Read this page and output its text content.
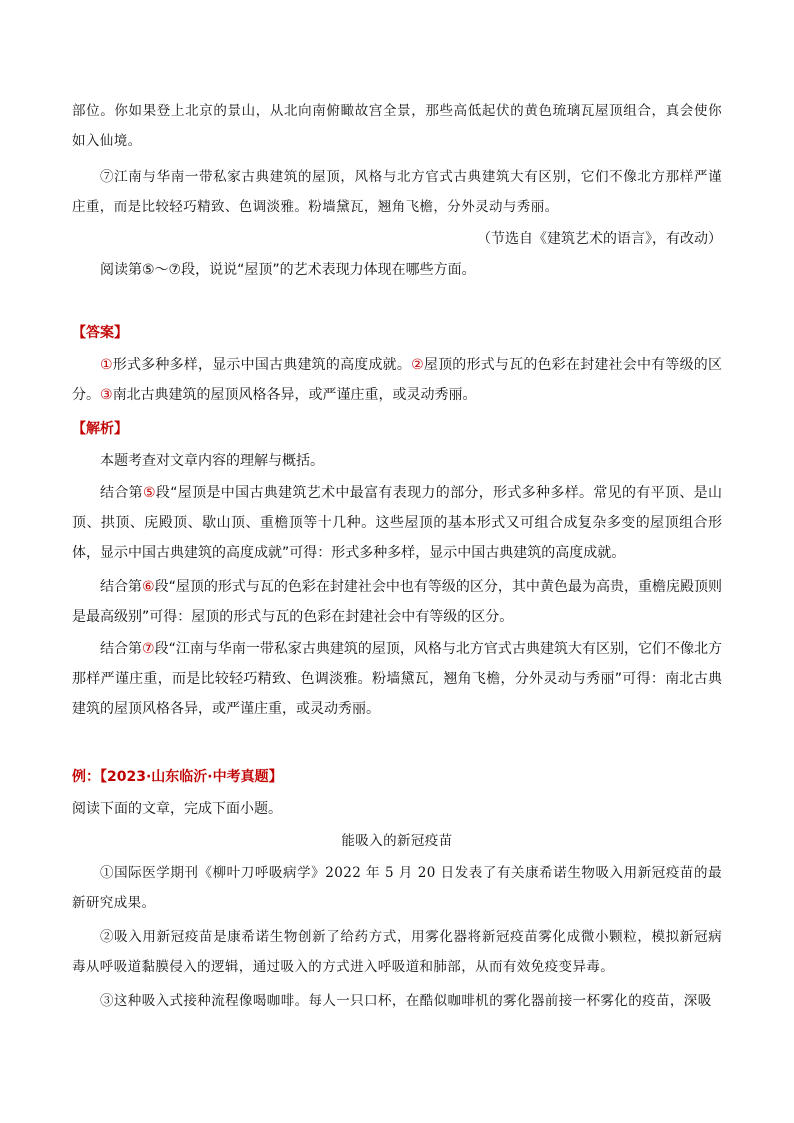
部位。你如果登上北京的景山，从北向南俯瞰故宫全景，那些高低起伏的黄色琉璃瓦屋顶组合，真会使你如入仙境。

⑦江南与华南一带私家古典建筑的屋顶，风格与北方官式古典建筑大有区别，它们不像北方那样严谨庄重，而是比较轻巧精致、色调淡雅。粉墙黛瓦，翘角飞檐，分外灵动与秀丽。

（节选自《建筑艺术的语言》，有改动）

阅读第⑤～⑦段，说说“屋顶”的艺术表现力体现在哪些方面。

【答案】

①形式多种多样，显示中国古典建筑的高度成就。②屋顶的形式与瓦的色彩在封建社会中有等级的区分。③南北古典建筑的屋顶风格各异，或严谨庄重，或灵动秀丽。

【解析】

本题考查对文章内容的理解与概括。

结合第⑤段“屋顶是中国古典建筑艺术中最富有表现力的部分，形式多种多样。常见的有平顶、是山顶、拱顶、庑殿顶、歇山顶、重檐顶等十几种。这些屋顶的基本形式又可组合成复杂多变的屋顶组合形体，显示中国古典建筑的高度成就”可得：形式多种多样，显示中国古典建筑的高度成就。

结合第⑥段“屋顶的形式与瓦的色彩在封建社会中也有等级的区分，其中黄色最为高贵，重檐庑殿顶则是最高级别”可得：屋顶的形式与瓦的色彩在封建社会中有等级的区分。

结合第⑦段“江南与华南一带私家古典建筑的屋顶，风格与北方官式古典建筑大有区别，它们不像北方那样严谨庄重，而是比较轻巧精致、色调淡雅。粉墙黛瓦，翘角飞檐，分外灵动与秀丽”可得：南北古典建筑的屋顶风格各异，或严谨庄重，或灵动秀丽。

例：【2023·山东临沂·中考真题】

阅读下面的文章，完成下面小题。

能吸入的新冠疫苗

①国际医学期刊《柳叶刀呼吸病学》2022 年 5 月 20 日发表了有关康希诺生物吸入用新冠疫苗的最新研究成果。

②吸入用新冠疫苗是康希诺生物创新了给药方式，用雾化器将新冠疫苗雾化成微小颗粒，模拟新冠病毒从呼吸道黏膜侵入的逻辑，通过吸入的方式进入呼吸道和肺部，从而有效免疫变异毒。

③这种吸入式接种流程像喝咖啡。每人一只口杯，在酷似咖啡机的雾化器前接一杯雾化的疫苗，深吸
